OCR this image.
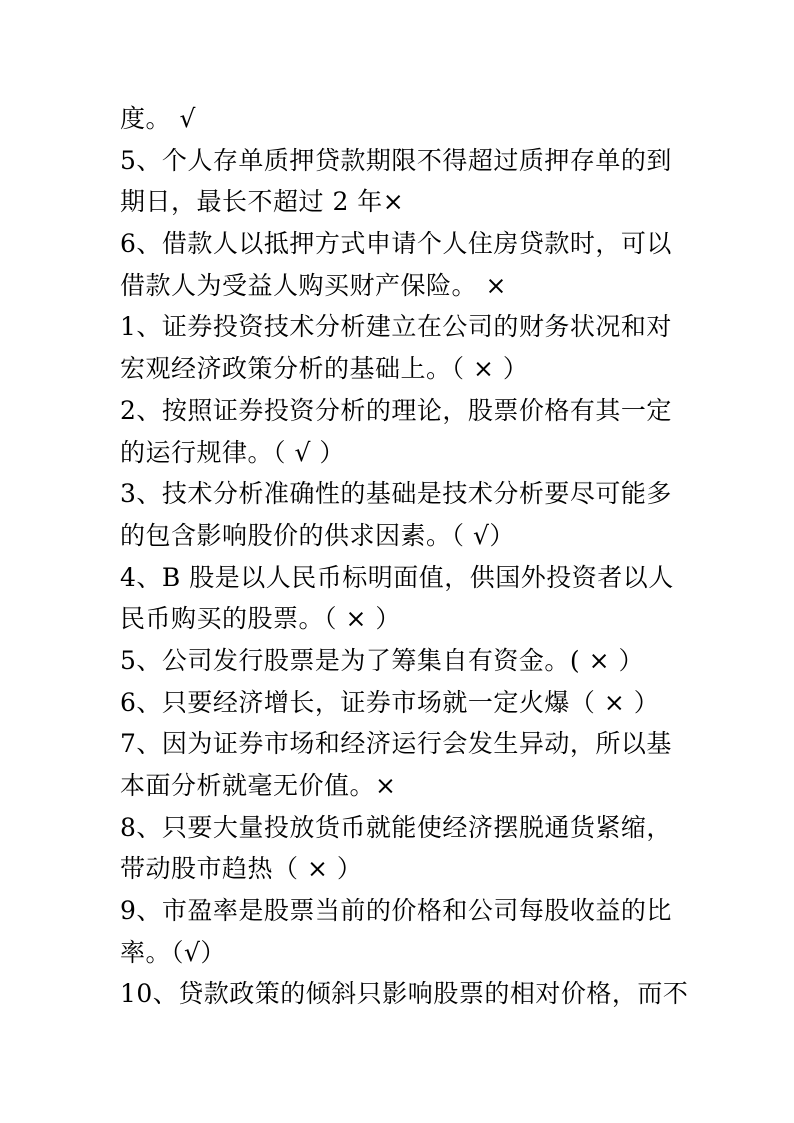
度。 √
5、个人存单质押贷款期限不得超过质押存单的到
期日，最长不超过 2 年×
6、借款人以抵押方式申请个人住房贷款时，可以
借款人为受益人购买财产保险。 ×
1、证券投资技术分析建立在公司的财务状况和对
宏观经济政策分析的基础上。（ × ）
2、按照证券投资分析的理论，股票价格有其一定
的运行规律。（ √ ）
3、技术分析准确性的基础是技术分析要尽可能多
的包含影响股价的供求因素。（ √）
4、B 股是以人民币标明面值，供国外投资者以人
民币购买的股票。（ × ）
5、公司发行股票是为了筹集自有资金。( × ）
6、只要经济增长，证券市场就一定火爆（ × ）
7、因为证券市场和经济运行会发生异动，所以基
本面分析就毫无价值。×
8、只要大量投放货币就能使经济摆脱通货紧缩，
带动股市趋热（ × ）
9、市盈率是股票当前的价格和公司每股收益的比
率。（√）
10、贷款政策的倾斜只影响股票的相对价格，而不
